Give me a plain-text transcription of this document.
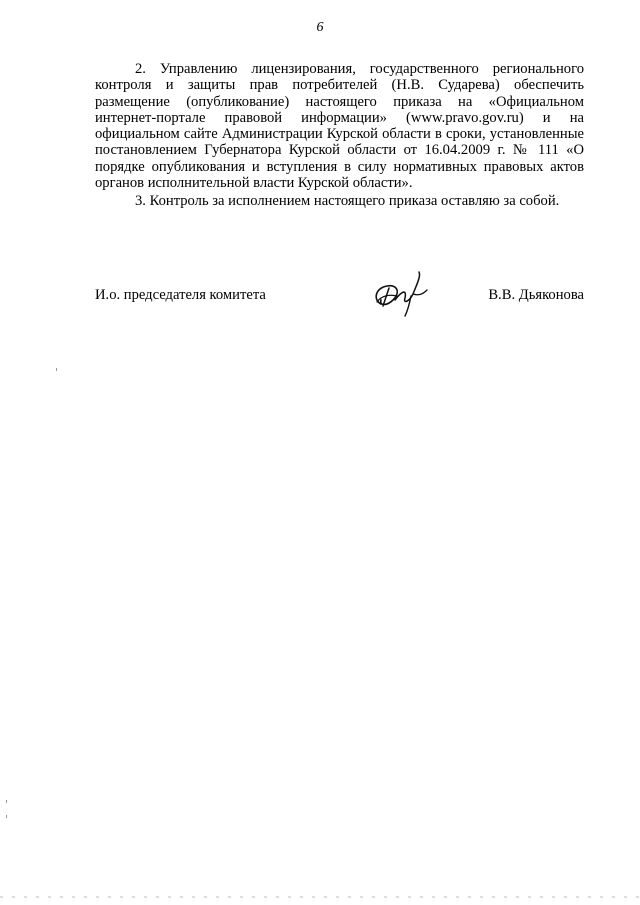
6

2. Управлению лицензирования, государственного регионального контроля и защиты прав потребителей (Н.В. Сударева) обеспечить размещение (опубликование) настоящего приказа на «Официальном интернет-портале правовой информации» (www.pravo.gov.ru) и на официальном сайте Администрации Курской области в сроки, установленные постановлением Губернатора Курской области от 16.04.2009 г. № 111 «О порядке опубликования и вступления в силу нормативных правовых актов органов исполнительной власти Курской области».

3. Контроль за исполнением настоящего приказа оставляю за собой.

И.о. председателя комитета	В.В. Дьяконова
